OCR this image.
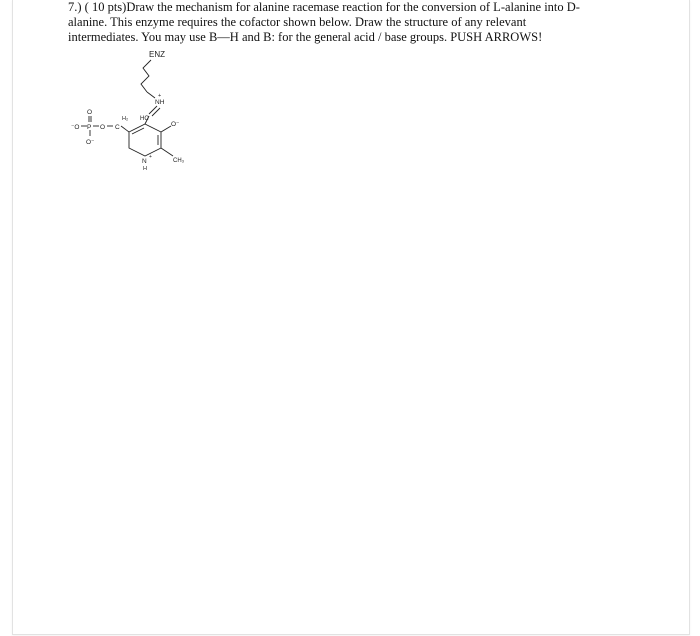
7.) ( 10 pts)Draw the mechanism for alanine racemase reaction for the conversion of L-alanine into D-
alanine. This enzyme requires the cofactor shown below. Draw the structure of any relevant
intermediates. You may use B—H and B: for the general acid / base groups. PUSH ARROWS!
ENZ
NH
+
HC
C
H₂
O
P
⁻O
O
O⁻
O⁻
N
+
H
CH₃
